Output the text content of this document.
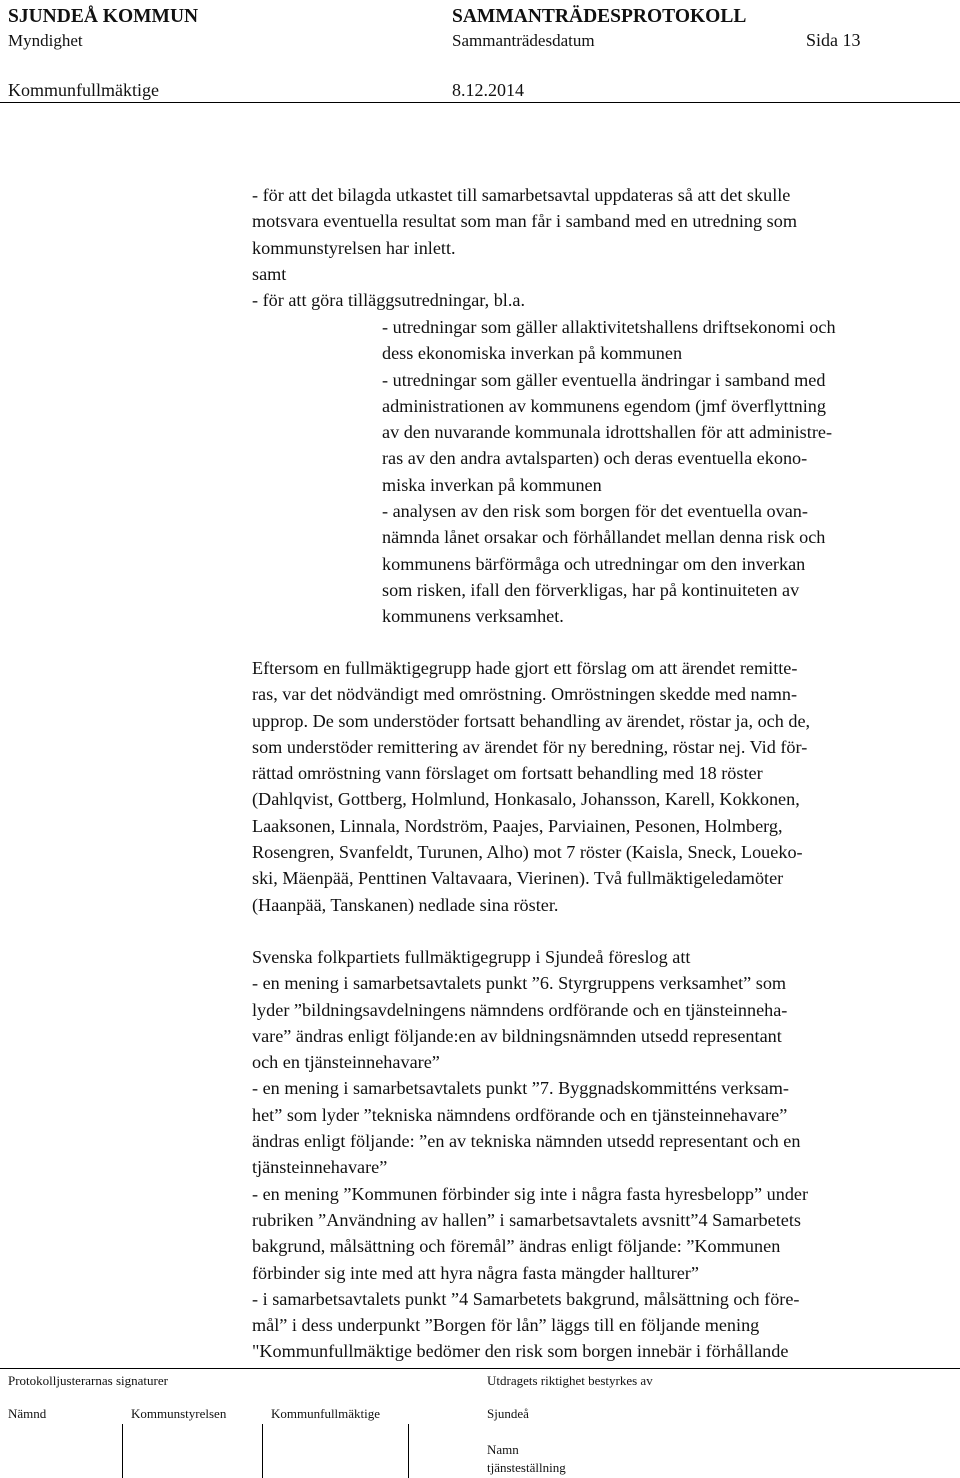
SJUNDEÅ KOMMUN	SAMMANTRÄDESPROTOKOLL
Myndighet	Sammanträdesdatum	Sida 13
Kommunfullmäktige	8.12.2014
- för att det bilagda utkastet till samarbetsavtal uppdateras så att det skulle
motsvara eventuella resultat som man får i samband med en utredning som
kommunstyrelsen har inlett.
samt
- för att göra tilläggsutredningar, bl.a.
- utredningar som gäller allaktivitetshallens driftsekonomi och
dess ekonomiska inverkan på kommunen
- utredningar som gäller eventuella ändringar i samband med
administrationen av kommunens egendom (jmf överflyttning
av den nuvarande kommunala idrottshallen för att administre-
ras av den andra avtalsparten) och deras eventuella ekono-
miska inverkan på kommunen
- analysen av den risk som borgen för det eventuella ovan-
nämnda lånet orsakar och förhållandet mellan denna risk och
kommunens bärförmåga och utredningar om den inverkan
som risken, ifall den förverkligas, har på kontinuiteten av
kommunens verksamhet.
Eftersom en fullmäktigegrupp hade gjort ett förslag om att ärendet remitte-
ras, var det nödvändigt med omröstning. Omröstningen skedde med namn-
upprop. De som understöder fortsatt behandling av ärendet, röstar ja, och de,
som understöder remittering av ärendet för ny beredning, röstar nej. Vid för-
rättad omröstning vann förslaget om fortsatt behandling med 18 röster
(Dahlqvist, Gottberg, Holmlund, Honkasalo, Johansson, Karell, Kokkonen,
Laaksonen, Linnala, Nordström, Paajes, Parviainen, Pesonen, Holmberg,
Rosengren, Svanfeldt, Turunen, Alho) mot 7 röster (Kaisla, Sneck, Loueko-
ski, Mäenpää, Penttinen Valtavaara, Vierinen). Två fullmäktigeledamöter
(Haanpää, Tanskanen) nedlade sina röster.
Svenska folkpartiets fullmäktigegrupp i Sjundeå föreslog att
- en mening i samarbetsavtalets punkt ”6. Styrgruppens verksamhet” som
lyder ”bildningsavdelningens nämndens ordförande och en tjänsteinneha-
vare” ändras enligt följande:en av bildningsnämnden utsedd representant
och en tjänsteinnehavare”
- en mening i samarbetsavtalets punkt ”7. Byggnadskommitténs verksam-
het” som lyder ”tekniska nämndens ordförande och en tjänsteinnehavare”
ändras enligt följande: ”en av tekniska nämnden utsedd representant och en
tjänsteinnehavare”
- en mening ”Kommunen förbinder sig inte i några fasta hyresbelopp” under
rubriken ”Användning av hallen” i samarbetsavtalets avsnitt”4 Samarbetets
bakgrund, målsättning och föremål” ändras enligt följande: ”Kommunen
förbinder sig inte med att hyra några fasta mängder hallturer”
- i samarbetsavtalets punkt ”4 Samarbetets bakgrund, målsättning och före-
mål” i dess underpunkt ”Borgen för lån” läggs till en följande mening
"Kommunfullmäktige bedömer den risk som borgen innebär i förhållande
Protokolljusterarnas signaturer	Utdragets riktighet bestyrkes av
Nämnd	Kommunstyrelsen	Kommunfullmäktige	Sjundeå
Namn
tjänsteställning
